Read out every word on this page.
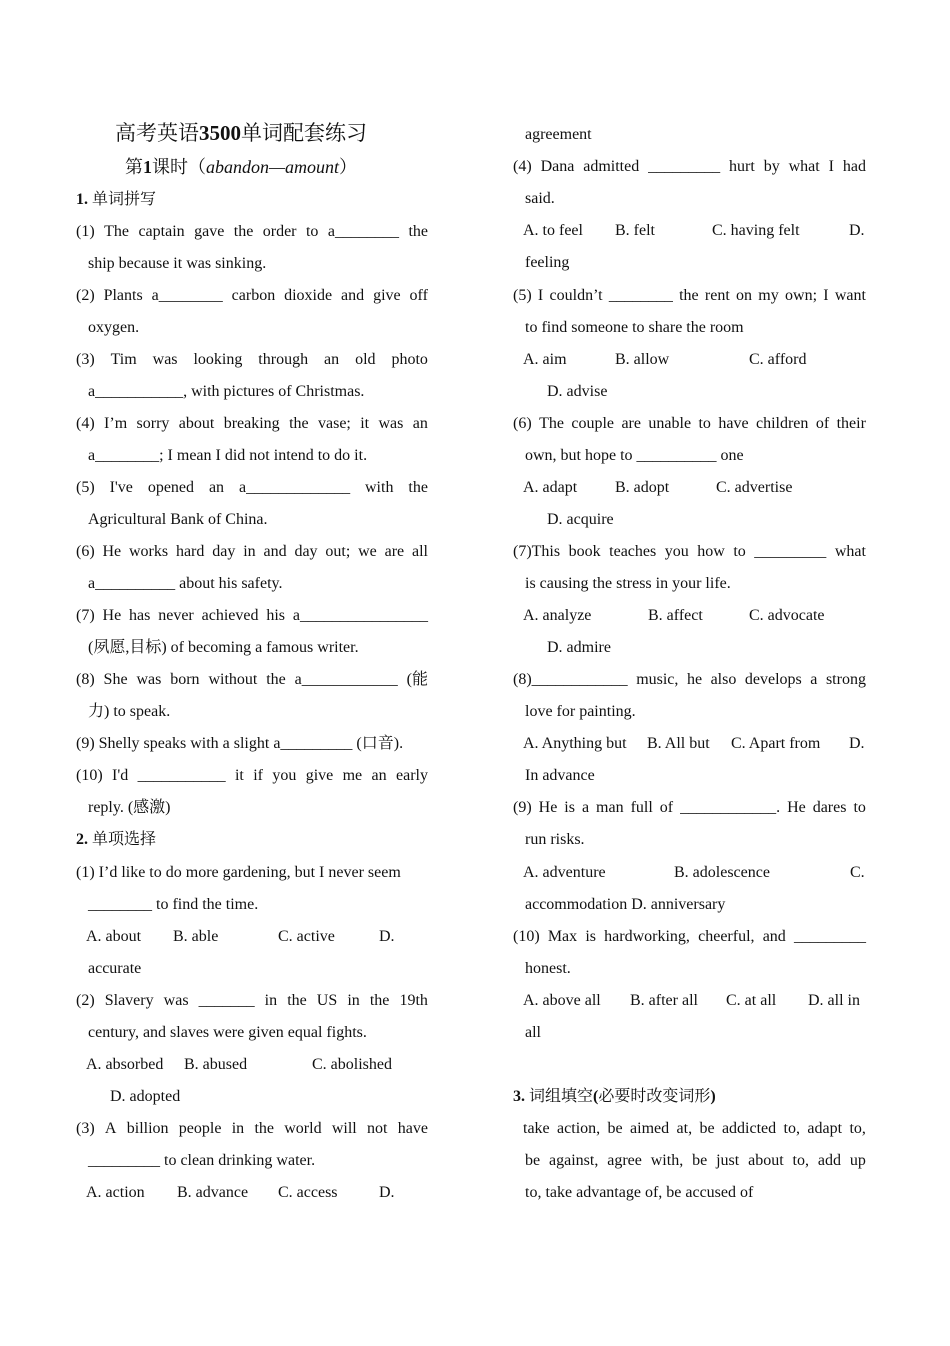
高考英语3500单词配套练习
第1课时（abandon—amount）
1. 单词拼写
(1) The captain gave the order to a________ the
ship because it was sinking.
(2) Plants a________ carbon dioxide and give off
oxygen.
(3) Tim was looking through an old photo
a___________, with pictures of Christmas.
(4) I’m sorry about breaking the vase; it was an
a________; I mean I did not intend to do it.
(5) I've opened an a_____________ with the
Agricultural Bank of China.
(6) He works hard day in and day out; we are all
a__________ about his safety.
(7) He has never achieved his a________________
(夙愿,目标) of becoming a famous writer.
(8) She was born without the a____________ (能
力) to speak.
(9) Shelly speaks with a slight a_________ (口音).
(10) I'd ___________ it if you give me an early
reply. (感激)
2. 单项选择
(1) I’d like to do more gardening, but I never seem
________ to find the time.
A. about B. able	C. active	D.
accurate
(2) Slavery was _______ in the US in the 19th
century, and slaves were given equal fights.
A. absorbed B. abused	C. abolished
D. adopted
(3) A billion people in the world will not have
_________ to clean drinking water.
A. action B. advance C. access	D.
agreement
(4) Dana admitted _________ hurt by what I had
said.
A. to feel B. felt	C. having felt	D.
feeling
(5) I couldn’t ________ the rent on my own; I want
to find someone to share the room
A. aim	B. allow	C. afford
D. advise
(6) The couple are unable to have children of their
own, but hope to __________ one
A. adapt B. adopt	C. advertise
D. acquire
(7)This book teaches you how to _________ what
is causing the stress in your life.
A. analyze	B. affect	C. advocate
D. admire
(8)____________ music, he also develops a strong
love for painting.
A. Anything but B. All but C. Apart from D.
In advance
(9) He is a man full of ____________. He dares to
run risks.
A. adventure	B. adolescence	C.
accommodation D. anniversary
(10) Max is hardworking, cheerful, and _________
honest.
A. above all B. after all C. at all D. all in
all
3. 词组填空(必要时改变词形)
take action, be aimed at, be addicted to, adapt to,
be against, agree with, be just about to, add up
to, take advantage of, be accused of
